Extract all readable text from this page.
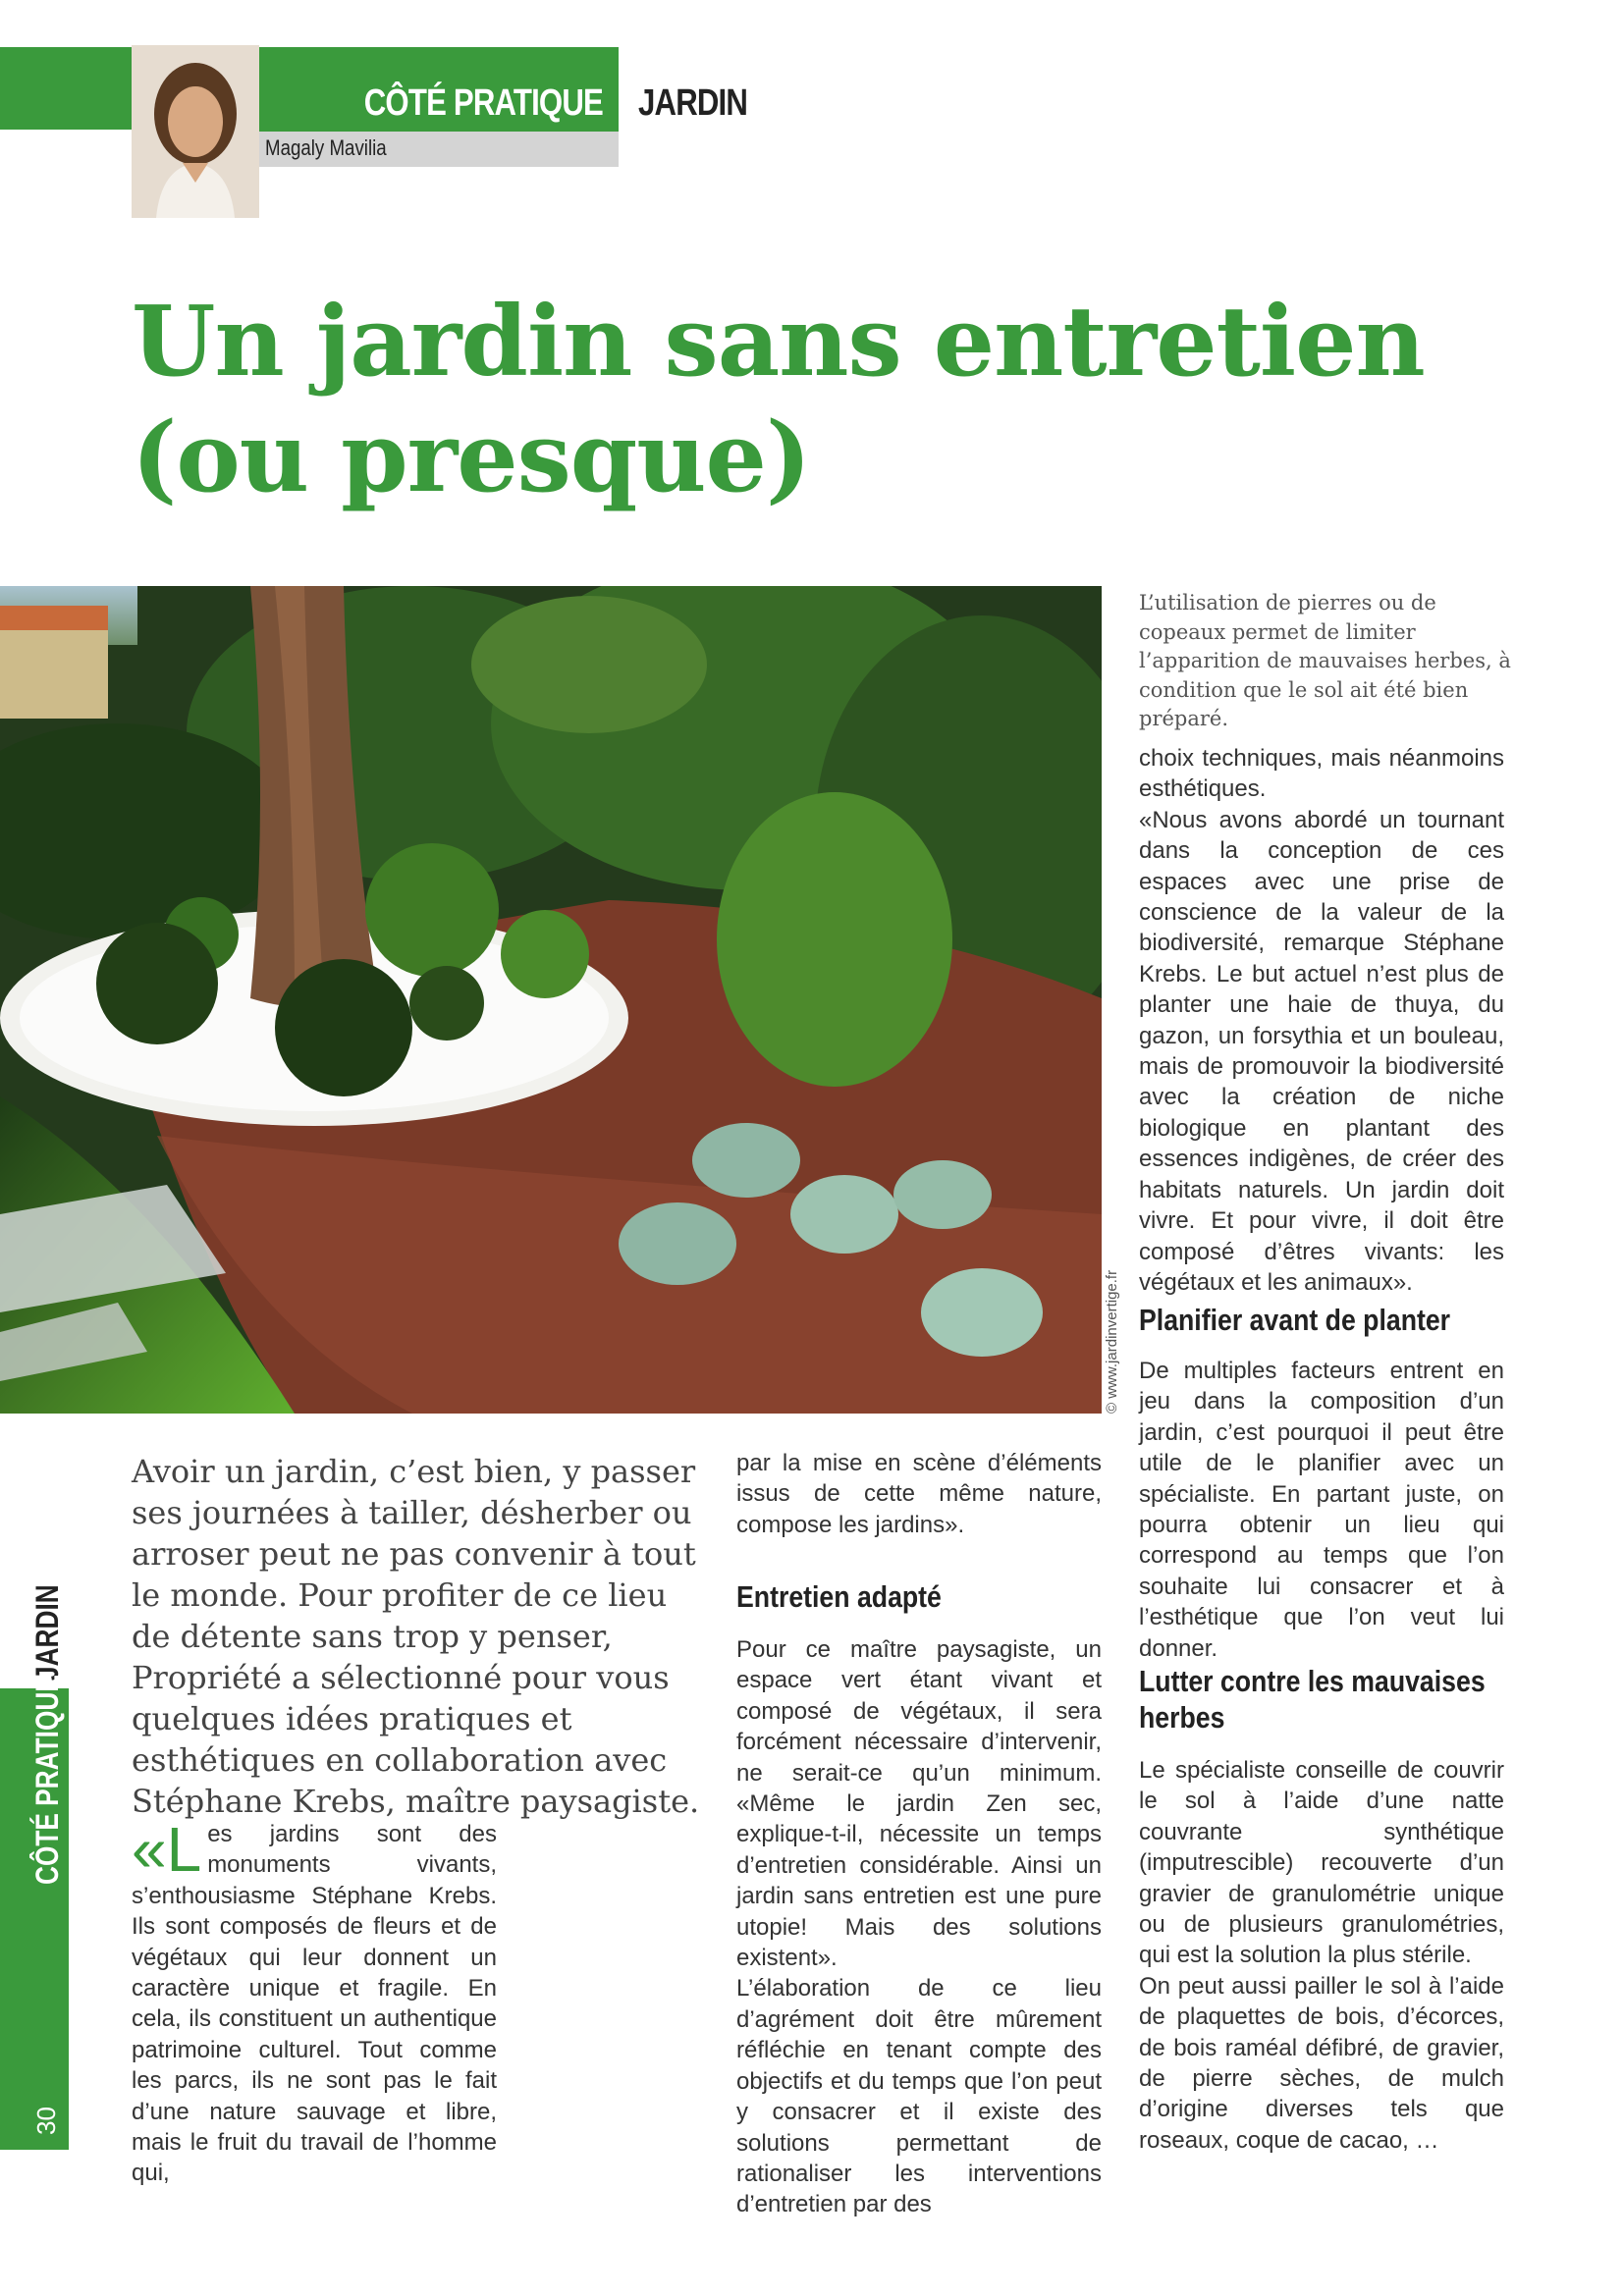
CÔTÉ PRATIQUE JARDIN
Magaly Mavilia
Un jardin sans entretien
(ou presque)
© www.jardinvertige.fr
L’utilisation de pierres ou de copeaux permet de limiter l’apparition de mauvaises herbes, à condition que le sol ait été bien préparé.
Avoir un jardin, c’est bien, y passer ses journées à tailler, désherber ou arroser peut ne pas convenir à tout le monde. Pour profiter de ce lieu de détente sans trop y penser, Propriété a sélectionné pour vous quelques idées pratiques et esthétiques en collaboration avec Stéphane Krebs, maître paysagiste.
«Les jardins sont des monuments vivants, s’enthousiasme Stéphane Krebs. Ils sont composés de fleurs et de végétaux qui leur donnent un caractère unique et fragile. En cela, ils constituent un authentique patrimoine culturel. Tout comme les parcs, ils ne sont pas le fait d’une nature sauvage et libre, mais le fruit du travail de l’homme qui,
par la mise en scène d’éléments issus de cette même nature, compose les jardins».

Entretien adapté

Pour ce maître paysagiste, un espace vert étant vivant et composé de végétaux, il sera forcément nécessaire d’intervenir, ne serait-ce qu’un minimum. «Même le jardin Zen sec, explique-t-il, nécessite un temps d’entretien considérable. Ainsi un jardin sans entretien est une pure utopie! Mais des solutions existent».

L’élaboration de ce lieu d’agrément doit être mûrement réfléchie en tenant compte des objectifs et du temps que l’on peut y consacrer et il existe des solutions permettant de rationaliser les interventions d’entretien par des

choix techniques, mais néanmoins esthétiques.

«Nous avons abordé un tournant dans la conception de ces espaces avec une prise de conscience de la valeur de la biodiversité, remarque Stéphane Krebs. Le but actuel n’est plus de planter une haie de thuya, du gazon, un forsythia et un bouleau, mais de promouvoir la biodiversité avec la création de niche biologique en plantant des essences indigènes, de créer des habitats naturels. Un jardin doit vivre. Et pour vivre, il doit être composé d’êtres vivants: les végétaux et les animaux».

Planifier avant de planter

De multiples facteurs entrent en jeu dans la composition d’un jardin, c’est pourquoi il peut être utile de le planifier avec un spécialiste. En partant juste, on pourra obtenir un lieu qui correspond au temps que l’on souhaite lui consacrer et à l’esthétique que l’on veut lui donner.

Lutter contre les mauvaises herbes

Le spécialiste conseille de couvrir le sol à l’aide d’une natte couvrante synthétique (imputrescible) recouverte d’un gravier de granulométrie unique ou de plusieurs granulométries, qui est la solution la plus stérile.

On peut aussi pailler le sol à l’aide de plaquettes de bois, d’écorces, de bois raméal défibré, de gravier, de pierre sèches, de mulch d’origine diverses tels que roseaux, coque de cacao, …

JARDIN
CÔTÉ PRATIQUE
30
